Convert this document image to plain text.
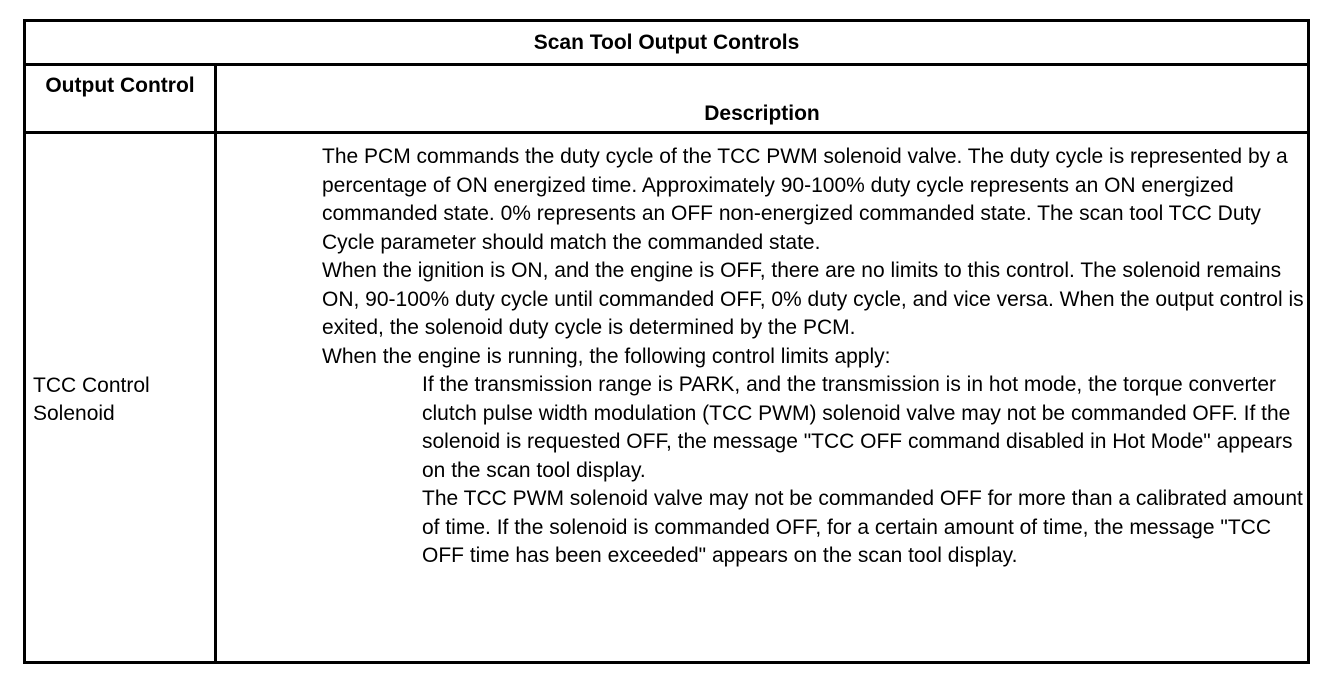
Scan Tool Output Controls
Output Control
Description
TCC Control Solenoid

The PCM commands the duty cycle of the TCC PWM solenoid valve. The duty cycle is represented by a percentage of ON energized time. Approximately 90-100% duty cycle represents an ON energized commanded state. 0% represents an OFF non-energized commanded state. The scan tool TCC Duty Cycle parameter should match the commanded state.

When the ignition is ON, and the engine is OFF, there are no limits to this control. The solenoid remains ON, 90-100% duty cycle until commanded OFF, 0% duty cycle, and vice versa. When the output control is exited, the solenoid duty cycle is determined by the PCM.

When the engine is running, the following control limits apply:

If the transmission range is PARK, and the transmission is in hot mode, the torque converter clutch pulse width modulation (TCC PWM) solenoid valve may not be commanded OFF. If the solenoid is requested OFF, the message "TCC OFF command disabled in Hot Mode" appears on the scan tool display.

The TCC PWM solenoid valve may not be commanded OFF for more than a calibrated amount of time. If the solenoid is commanded OFF, for a certain amount of time, the message "TCC OFF time has been exceeded" appears on the scan tool display.
